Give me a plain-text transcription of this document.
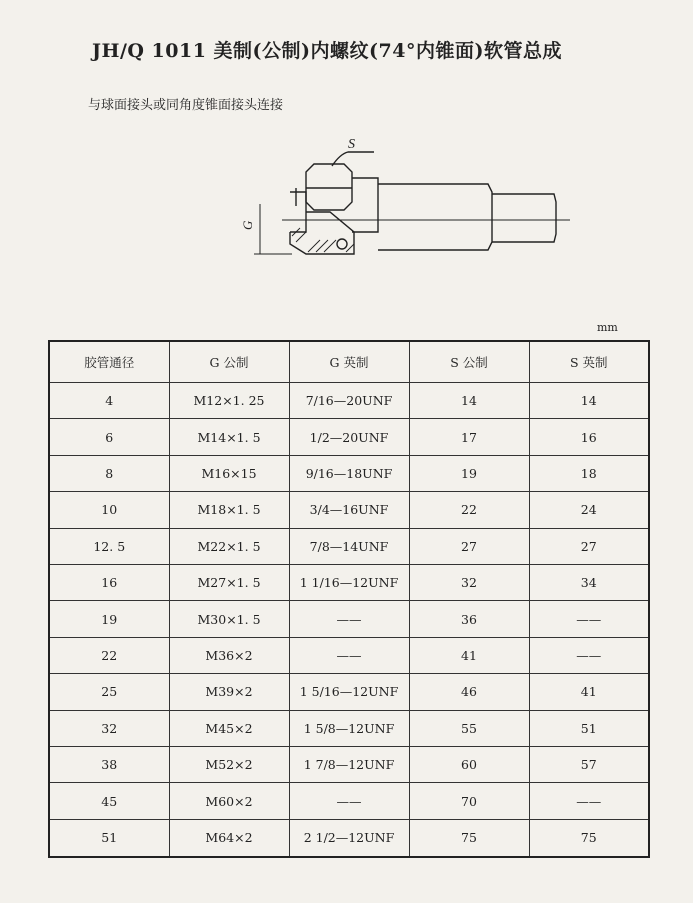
JH/Q 1011 美制(公制)内螺纹(74°内锥面)软管总成
与球面接头或同角度锥面接头连接
S
G
mm
胶管通径	G 公制	G 英制	S 公制	S 英制
4	M12×1. 25	7/16—20UNF	14	14
6	M14×1. 5	1/2—20UNF	17	16
8	M16×15	9/16—18UNF	19	18
10	M18×1. 5	3/4—16UNF	22	24
12. 5	M22×1. 5	7/8—14UNF	27	27
16	M27×1. 5	1 1/16—12UNF	32	34
19	M30×1. 5	——	36	——
22	M36×2	——	41	——
25	M39×2	1 5/16—12UNF	46	41
32	M45×2	1 5/8—12UNF	55	51
38	M52×2	1 7/8—12UNF	60	57
45	M60×2	——	70	——
51	M64×2	2 1/2—12UNF	75	75
